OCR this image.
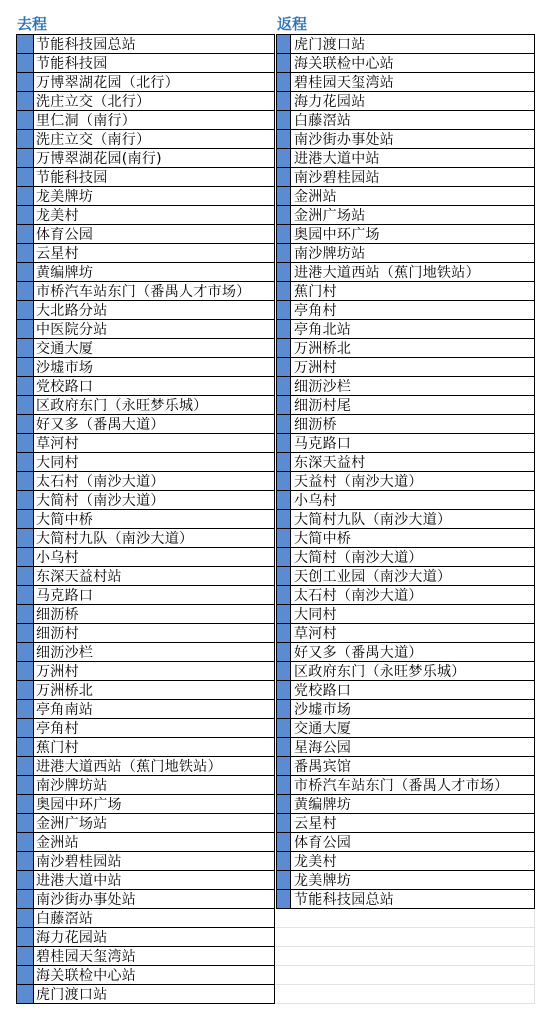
去程
节能科技园总站
节能科技园
万博翠湖花园（北行）
洗庄立交（北行）
里仁洞（南行）
洗庄立交（南行）
万博翠湖花园(南行)
节能科技园
龙美牌坊
龙美村
体育公园
云星村
黄编牌坊
市桥汽车站东门（番禺人才市场）
大北路分站
中医院分站
交通大厦
沙墟市场
党校路口
区政府东门（永旺梦乐城）
好又多（番禺大道）
草河村
大同村
太石村（南沙大道）
大简村（南沙大道）
大简中桥
大简村九队（南沙大道）
小乌村
东深天益村站
马克路口
细沥桥
细沥村
细沥沙栏
万洲村
万洲桥北
亭角南站
亭角村
蕉门村
进港大道西站（蕉门地铁站）
南沙牌坊站
奥园中环广场
金洲广场站
金洲站
南沙碧桂园站
进港大道中站
南沙街办事处站
白藤滘站
海力花园站
碧桂园天玺湾站
海关联检中心站
虎门渡口站
返程
虎门渡口站
海关联检中心站
碧桂园天玺湾站
海力花园站
白藤滘站
南沙街办事处站
进港大道中站
南沙碧桂园站
金洲站
金洲广场站
奥园中环广场
南沙牌坊站
进港大道西站（蕉门地铁站）
蕉门村
亭角村
亭角北站
万洲桥北
万洲村
细沥沙栏
细沥村尾
细沥桥
马克路口
东深天益村
天益村（南沙大道）
小乌村
大简村九队（南沙大道）
大简中桥
大简村（南沙大道）
天创工业园（南沙大道）
太石村（南沙大道）
大同村
草河村
好又多（番禺大道）
区政府东门（永旺梦乐城）
党校路口
沙墟市场
交通大厦
星海公园
番禺宾馆
市桥汽车站东门（番禺人才市场）
黄编牌坊
云星村
体育公园
龙美村
龙美牌坊
节能科技园总站
